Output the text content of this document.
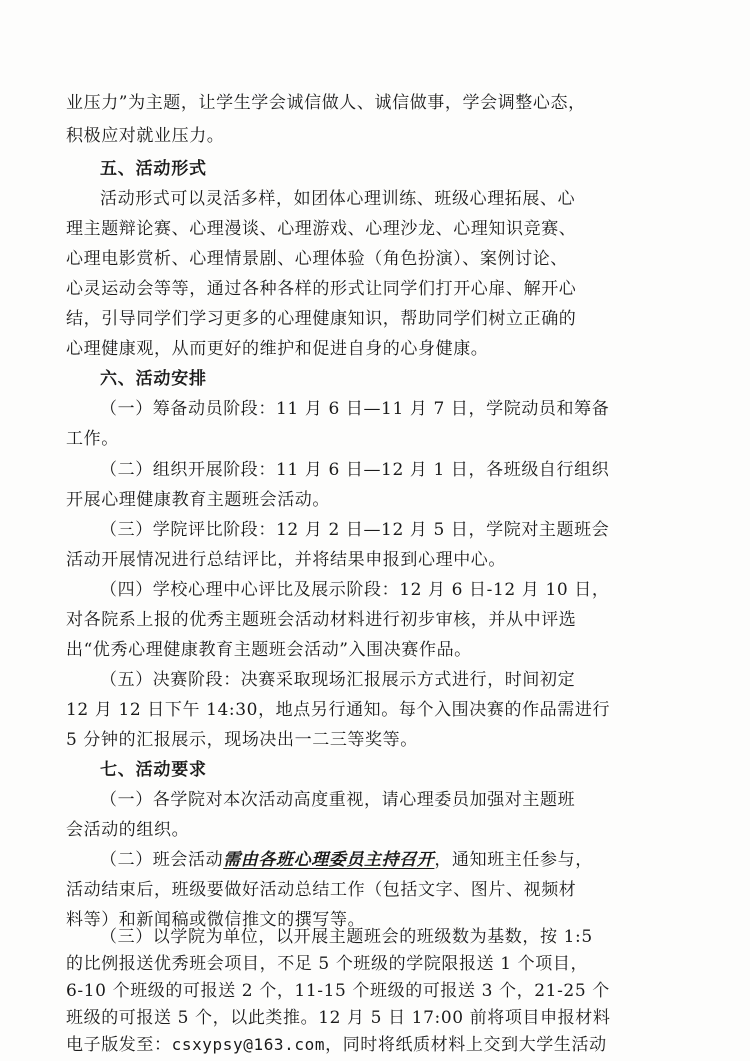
业压力”为主题，让学生学会诚信做人、诚信做事，学会调整心态，
积极应对就业压力。
五、活动形式
活动形式可以灵活多样，如团体心理训练、班级心理拓展、心
理主题辩论赛、心理漫谈、心理游戏、心理沙龙、心理知识竞赛、
心理电影赏析、心理情景剧、心理体验（角色扮演）、案例讨论、
心灵运动会等等，通过各种各样的形式让同学们打开心扉、解开心
结，引导同学们学习更多的心理健康知识，帮助同学们树立正确的
心理健康观，从而更好的维护和促进自身的心身健康。
六、活动安排
（一）筹备动员阶段：11 月 6 日—11 月 7 日，学院动员和筹备
工作。
（二）组织开展阶段：11 月 6 日—12 月 1 日，各班级自行组织
开展心理健康教育主题班会活动。
（三）学院评比阶段：12 月 2 日—12 月 5 日，学院对主题班会
活动开展情况进行总结评比，并将结果申报到心理中心。
（四）学校心理中心评比及展示阶段：12 月 6 日-12 月 10 日，
对各院系上报的优秀主题班会活动材料进行初步审核，并从中评选
出“优秀心理健康教育主题班会活动”入围决赛作品。
（五）决赛阶段：决赛采取现场汇报展示方式进行，时间初定
12 月 12 日下午 14:30，地点另行通知。每个入围决赛的作品需进行
5 分钟的汇报展示，现场决出一二三等奖等。
七、活动要求
（一）各学院对本次活动高度重视，请心理委员加强对主题班
会活动的组织。
（二）班会活动需由各班心理委员主持召开，通知班主任参与，
活动结束后，班级要做好活动总结工作（包括文字、图片、视频材
料等）和新闻稿或微信推文的撰写等。
（三）以学院为单位，以开展主题班会的班级数为基数，按 1:5
的比例报送优秀班会项目，不足 5 个班级的学院限报送 1 个项目，
6-10 个班级的可报送 2 个，11-15 个班级的可报送 3 个，21-25 个
班级的可报送 5 个，以此类推。12 月 5 日 17:00 前将项目申报材料
电子版发至：csxypsy@163.com，同时将纸质材料上交到大学生活动
